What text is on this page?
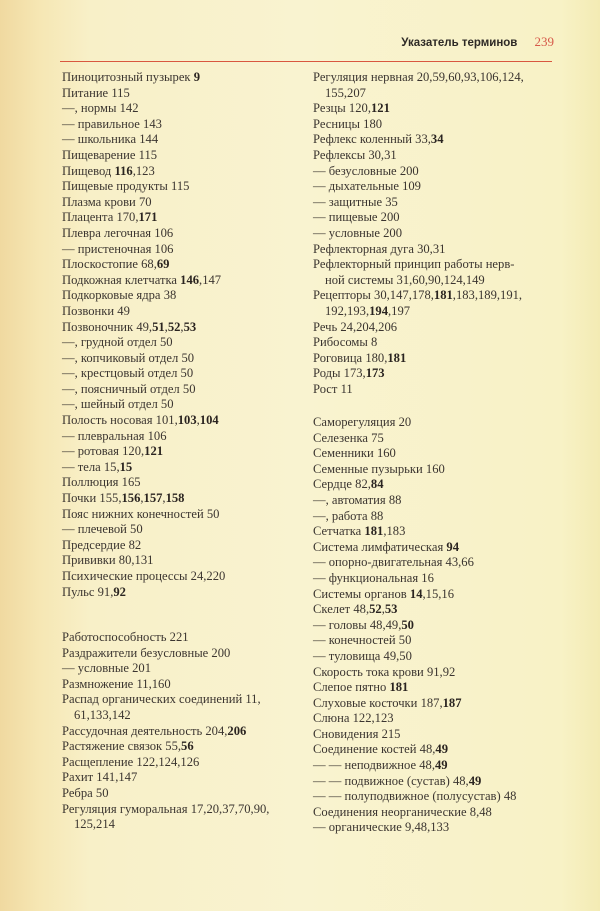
Указатель терминов 239
Пиноцитозный пузырек 9
Питание 115
—, нормы 142
— правильное 143
— школьника 144
Пищеварение 115
Пищевод 116,123
Пищевые продукты 115
Плазма крови 70
Плацента 170,171
Плевра легочная 106
— пристеночная 106
Плоскостопие 68,69
Подкожная клетчатка 146,147
Подкорковые ядра 38
Позвонки 49
Позвоночник 49,51,52,53
—, грудной отдел 50
—, копчиковый отдел 50
—, крестцовый отдел 50
—, поясничный отдел 50
—, шейный отдел 50
Полость носовая 101,103,104
— плевральная 106
— ротовая 120,121
— тела 15,15
Поллюция 165
Почки 155,156,157,158
Пояс нижних конечностей 50
— плечевой 50
Предсердие 82
Прививки 80,131
Психические процессы 24,220
Пульс 91,92
Работоспособность 221
Раздражители безусловные 200
— условные 201
Размножение 11,160
Распад органических соединений 11,
61,133,142
Рассудочная деятельность 204,206
Растяжение связок 55,56
Расщепление 122,124,126
Рахит 141,147
Ребра 50
Регуляция гуморальная 17,20,37,70,90,
125,214
Регуляция нервная 20,59,60,93,106,124,
155,207
Резцы 120,121
Ресницы 180
Рефлекс коленный 33,34
Рефлексы 30,31
— безусловные 200
— дыхательные 109
— защитные 35
— пищевые 200
— условные 200
Рефлекторная дуга 30,31
Рефлекторный принцип работы нерв-
ной системы 31,60,90,124,149
Рецепторы 30,147,178,181,183,189,191,
192,193,194,197
Речь 24,204,206
Рибосомы 8
Роговица 180,181
Роды 173,173
Рост 11
Саморегуляция 20
Селезенка 75
Семенники 160
Семенные пузырьки 160
Сердце 82,84
—, автоматия 88
—, работа 88
Сетчатка 181,183
Система лимфатическая 94
— опорно-двигательная 43,66
— функциональная 16
Системы органов 14,15,16
Скелет 48,52,53
— головы 48,49,50
— конечностей 50
— туловища 49,50
Скорость тока крови 91,92
Слепое пятно 181
Слуховые косточки 187,187
Слюна 122,123
Сновидения 215
Соединение костей 48,49
— — неподвижное 48,49
— — подвижное (сустав) 48,49
— — полуподвижное (полусустав) 48
Соединения неорганические 8,48
— органические 9,48,133
